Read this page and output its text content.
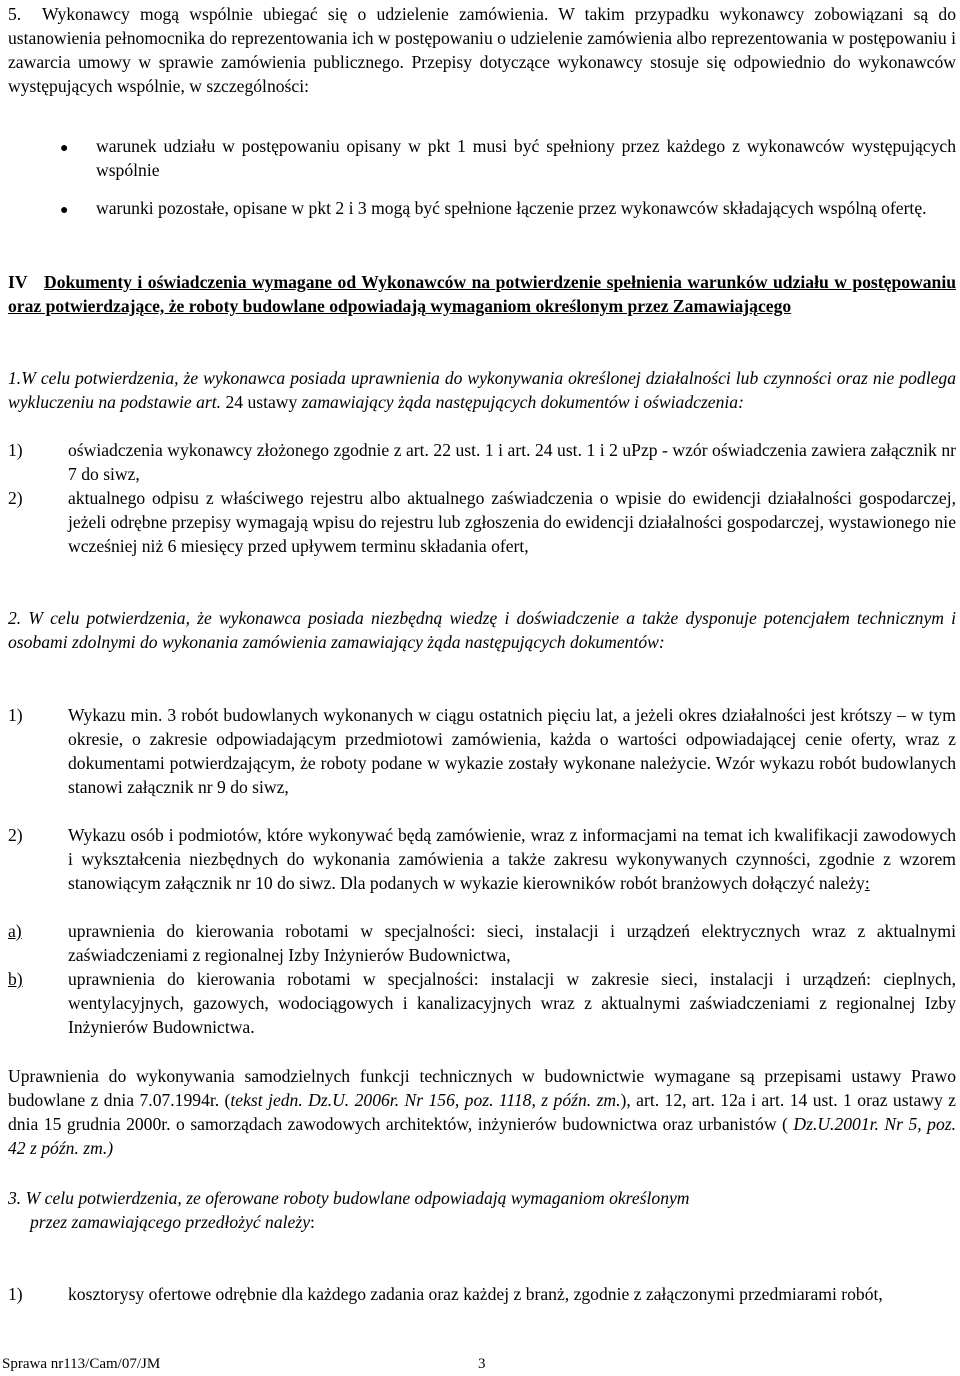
5.	Wykonawcy mogą wspólnie ubiegać się o udzielenie zamówienia. W takim przypadku wykonawcy zobowiązani są do ustanowienia pełnomocnika do reprezentowania ich w postępowaniu o udzielenie zamówienia albo reprezentowania w postępowaniu i zawarcia umowy w sprawie zamówienia publicznego. Przepisy dotyczące wykonawcy stosuje się odpowiednio do wykonawców występujących wspólnie, w szczególności:

● warunek udziału w postępowaniu opisany w pkt 1 musi być spełniony przez każdego z wykonawców występujących wspólnie

● warunki pozostałe, opisane w pkt 2 i 3 mogą być spełnione łączenie przez wykonawców składających wspólną ofertę.

IV Dokumenty i oświadczenia wymagane od Wykonawców na potwierdzenie spełnienia warunków udziału w postępowaniu oraz potwierdzające, że roboty budowlane odpowiadają wymaganiom określonym przez Zamawiającego

1.W celu potwierdzenia, że wykonawca posiada uprawnienia do wykonywania określonej działalności lub czynności oraz nie podlega wykluczeniu na podstawie art. 24 ustawy zamawiający żąda następujących dokumentów i oświadczenia:

1)	oświadczenia wykonawcy złożonego zgodnie z art. 22 ust. 1 i art. 24 ust. 1 i 2 uPzp - wzór oświadczenia zawiera załącznik nr 7 do siwz,

2)	aktualnego odpisu z właściwego rejestru albo aktualnego zaświadczenia o wpisie do ewidencji działalności gospodarczej, jeżeli odrębne przepisy wymagają wpisu do rejestru lub zgłoszenia do ewidencji działalności gospodarczej, wystawionego nie wcześniej niż 6 miesięcy przed upływem terminu składania ofert,

2. W celu potwierdzenia, że wykonawca posiada niezbędną wiedzę i doświadczenie a także dysponuje potencjałem technicznym i osobami zdolnymi do wykonania zamówienia zamawiający żąda następujących dokumentów:

1)	Wykazu min. 3 robót budowlanych wykonanych w ciągu ostatnich pięciu lat, a jeżeli okres działalności jest krótszy – w tym okresie, o zakresie odpowiadającym przedmiotowi zamówienia, każda o wartości odpowiadającej cenie oferty, wraz z dokumentami potwierdzającym, że roboty podane w wykazie zostały wykonane należycie. Wzór wykazu robót budowlanych stanowi załącznik nr 9 do siwz,

2)	Wykazu osób i podmiotów, które wykonywać będą zamówienie, wraz z informacjami na temat ich kwalifikacji zawodowych i wykształcenia niezbędnych do wykonania zamówienia a także zakresu wykonywanych czynności, zgodnie z wzorem stanowiącym załącznik nr 10 do siwz. Dla podanych w wykazie kierowników robót branżowych dołączyć należy:

a)	uprawnienia do kierowania robotami w specjalności: sieci, instalacji i urządzeń elektrycznych wraz z aktualnymi zaświadczeniami z regionalnej Izby Inżynierów Budownictwa,

b)	uprawnienia do kierowania robotami w specjalności: instalacji w zakresie sieci, instalacji i urządzeń: cieplnych, wentylacyjnych, gazowych, wodociągowych i kanalizacyjnych wraz z aktualnymi zaświadczeniami z regionalnej Izby Inżynierów Budownictwa.

Uprawnienia do wykonywania samodzielnych funkcji technicznych w budownictwie wymagane są przepisami ustawy Prawo budowlane z dnia 7.07.1994r. (tekst jedn. Dz.U. 2006r. Nr 156, poz. 1118, z późn. zm.), art. 12, art. 12a i art. 14 ust. 1 oraz ustawy z dnia 15 grudnia 2000r. o samorządach zawodowych architektów, inżynierów budownictwa oraz urbanistów ( Dz.U.2001r. Nr 5, poz. 42 z późn. zm.)

3. W celu potwierdzenia, ze oferowane roboty budowlane odpowiadają wymaganiom określonym

przez zamawiającego przedłożyć należy:

1)	kosztorysy ofertowe odrębnie dla każdego zadania oraz każdej z branż, zgodnie z załączonymi przedmiarami robót,

Sprawa nr113/Cam/07/JM	3
